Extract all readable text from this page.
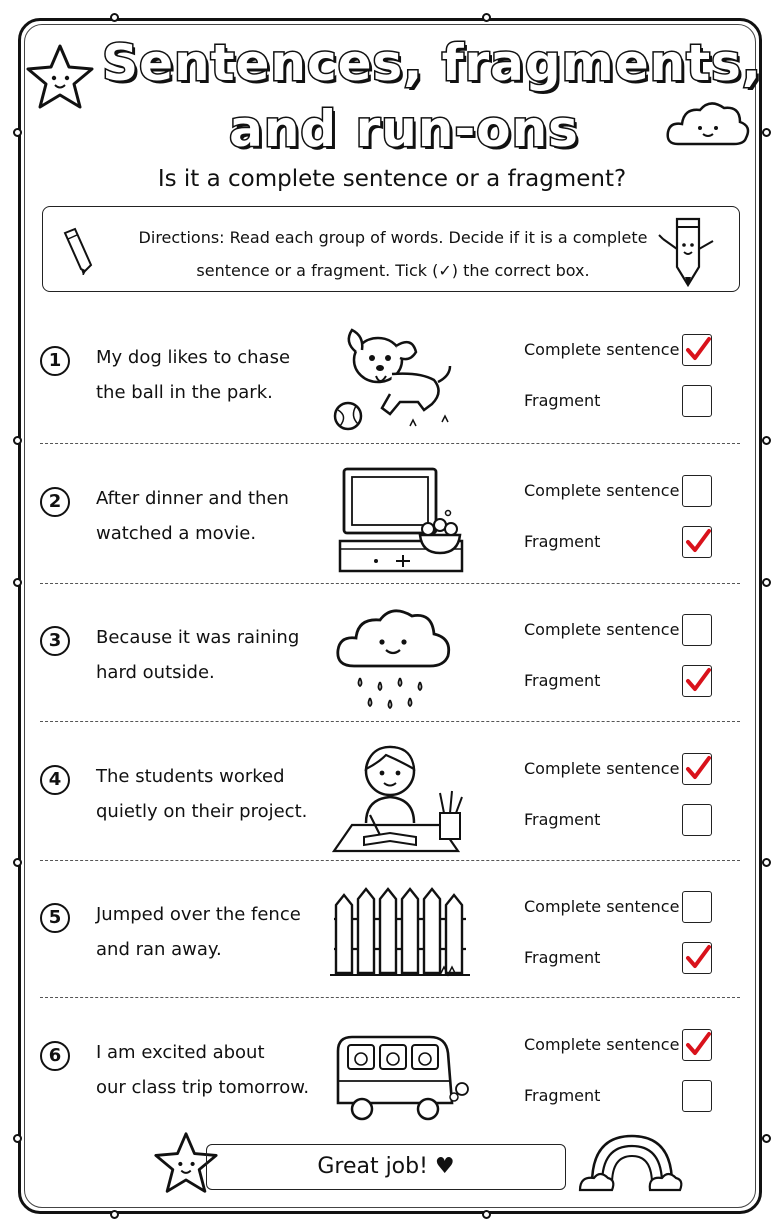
Sentences, fragments,
and run-ons
Is it a complete sentence or a fragment?
Directions: Read each group of words. Decide if it is a complete
sentence or a fragment. Tick (✓) the correct box.
1	My dog likes to chase
the ball in the park.
Complete sentence
Fragment
2	After dinner and then
watched a movie.
Complete sentence
Fragment
3	Because it was raining
hard outside.
Complete sentence
Fragment
4	The students worked
quietly on their project.
Complete sentence
Fragment
5	Jumped over the fence
and ran away.
Complete sentence
Fragment
6	I am excited about
our class trip tomorrow.
Complete sentence
Fragment
Great job! ♥
